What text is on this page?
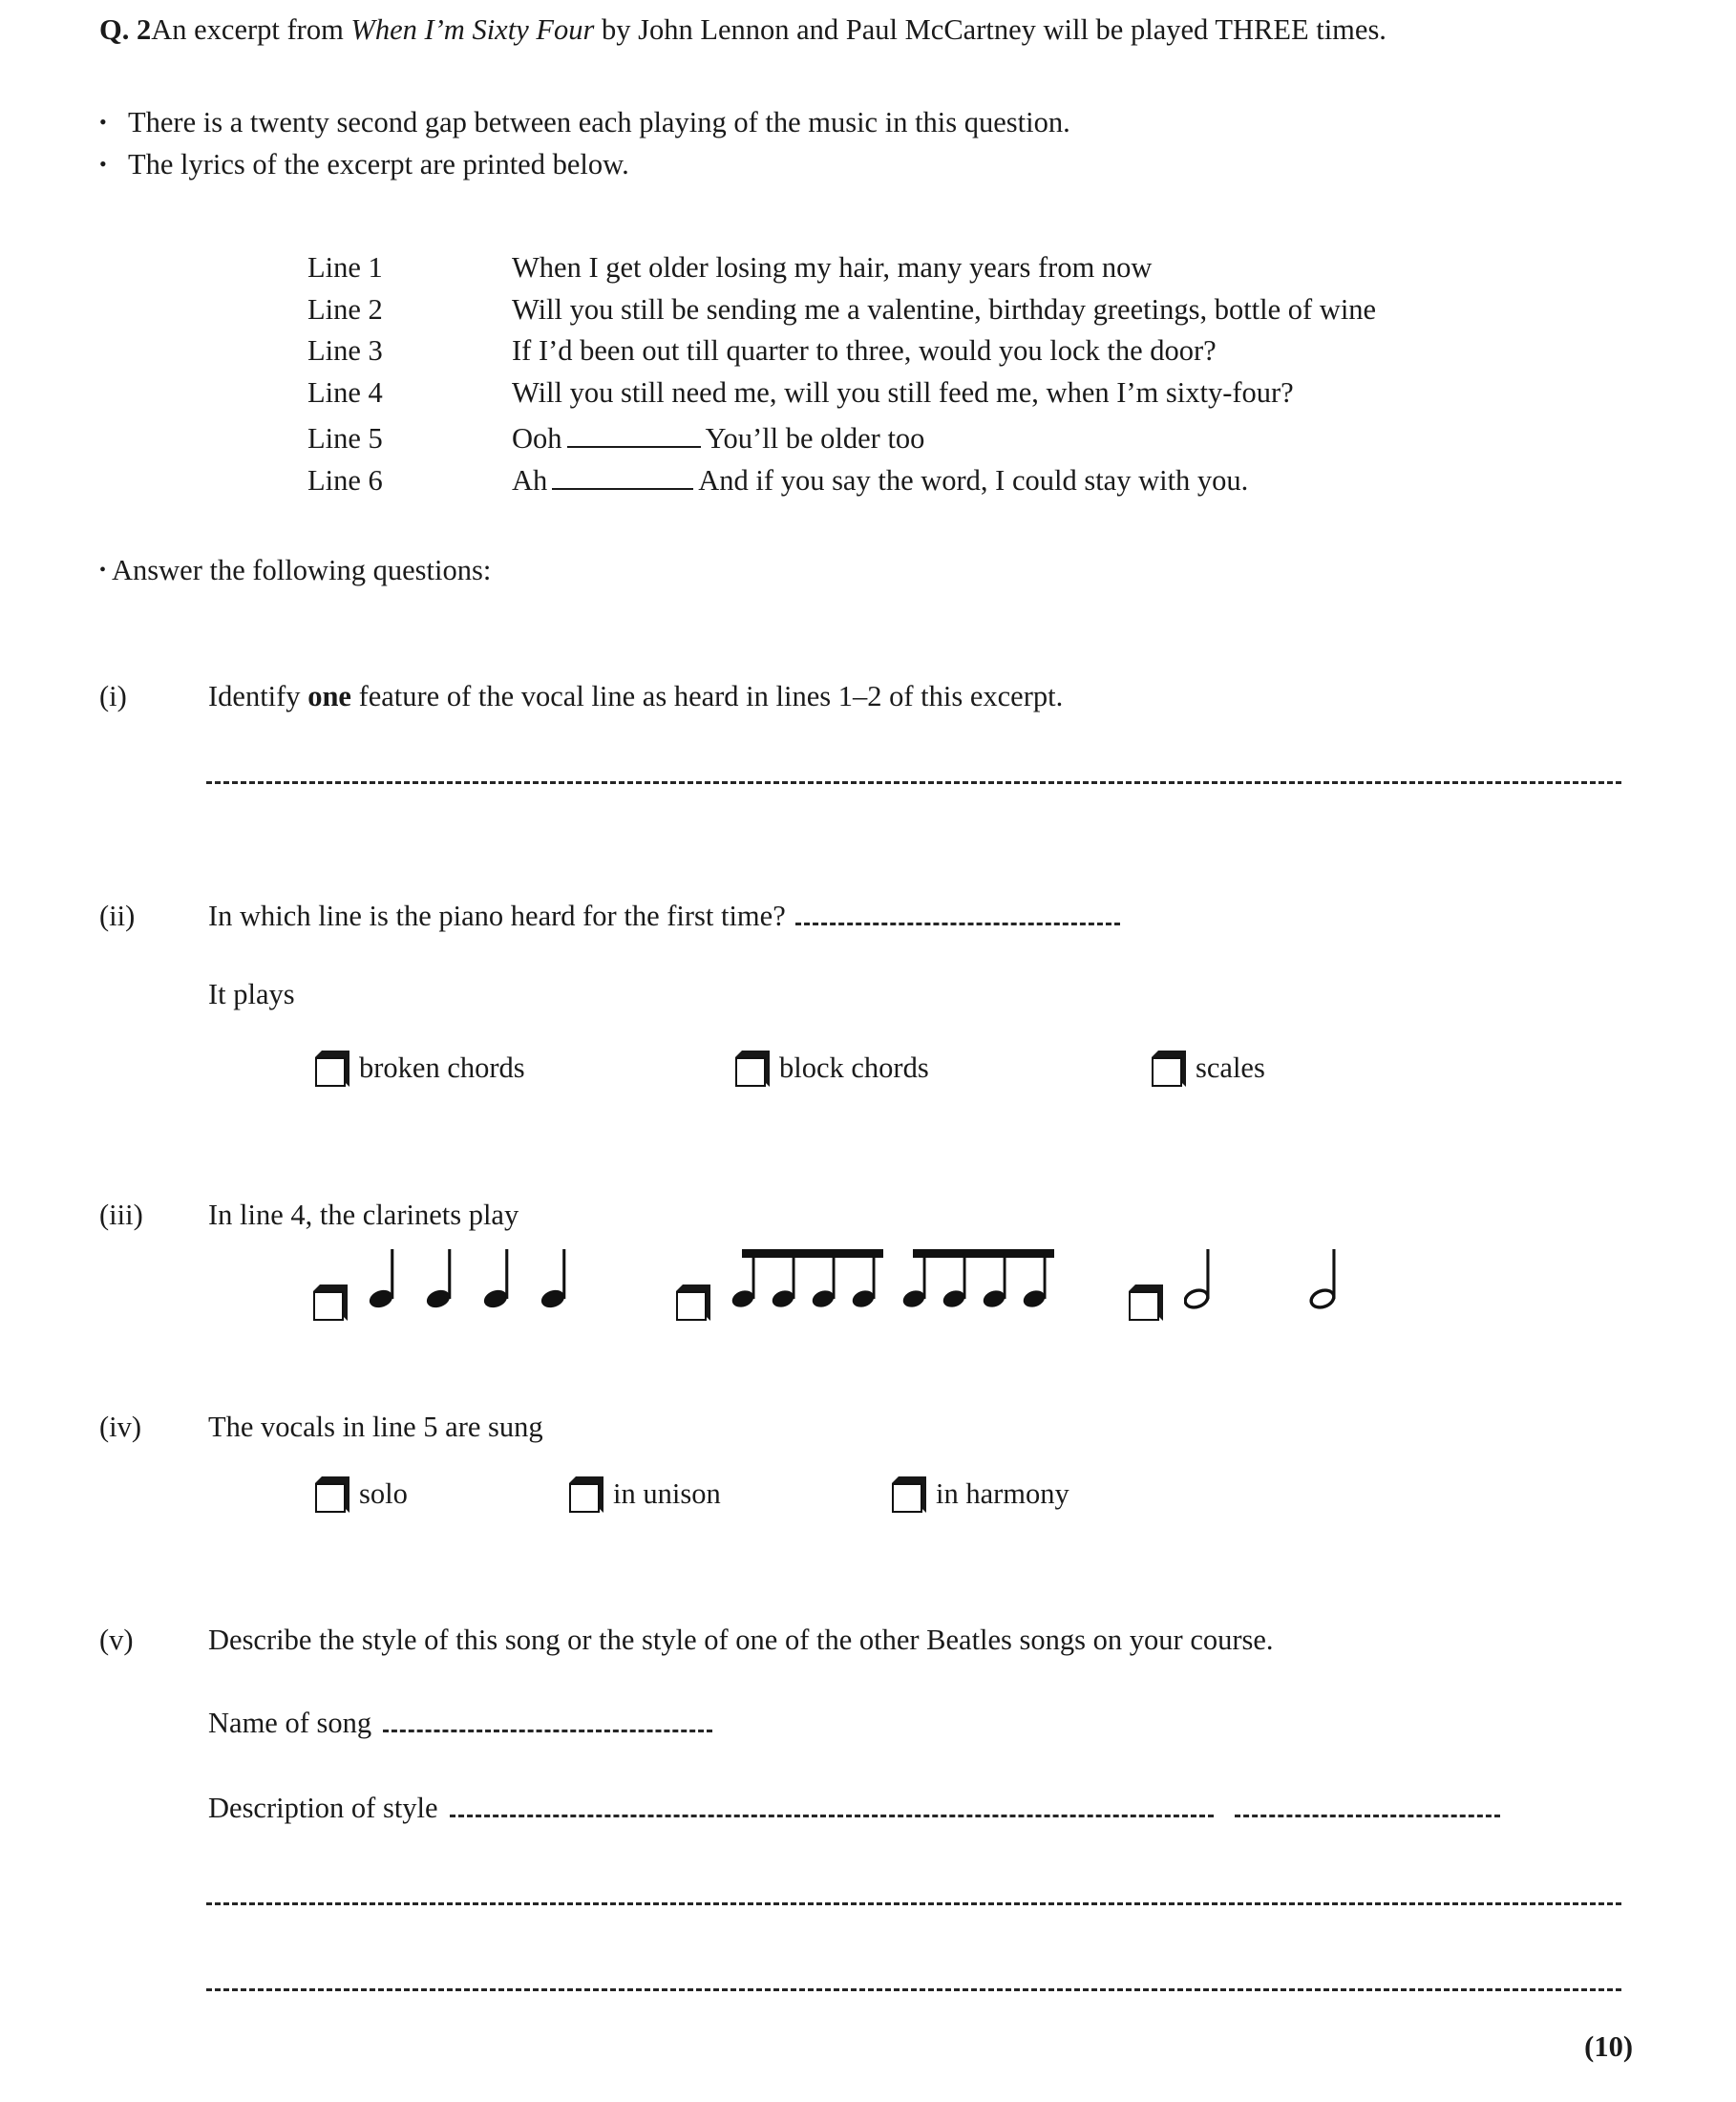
Q. 2An excerpt from When I’m Sixty Four by John Lennon and Paul McCartney will be played THREE times.
• There is a twenty second gap between each playing of the music in this question.
• The lyrics of the excerpt are printed below.
Line 1	When I get older losing my hair, many years from now
Line 2	Will you still be sending me a valentine, birthday greetings, bottle of wine
Line 3	If I’d been out till quarter to three, would you lock the door?
Line 4	Will you still need me, will you still feed me, when I’m sixty-four?
Line 5	Ooh	You’ll be older too
Line 6	Ah	And if you say the word, I could stay with you.
• Answer the following questions:
(i)	Identify one feature of the vocal line as heard in lines 1–2 of this excerpt.
(ii)	In which line is the piano heard for the first time?
It plays
broken chords	block chords	scales
(iii)	In line 4, the clarinets play
(iv)	The vocals in line 5 are sung
solo	in unison	in harmony
(v)	Describe the style of this song or the style of one of the other Beatles songs on your course.
Name of song
Description of style
(10)
